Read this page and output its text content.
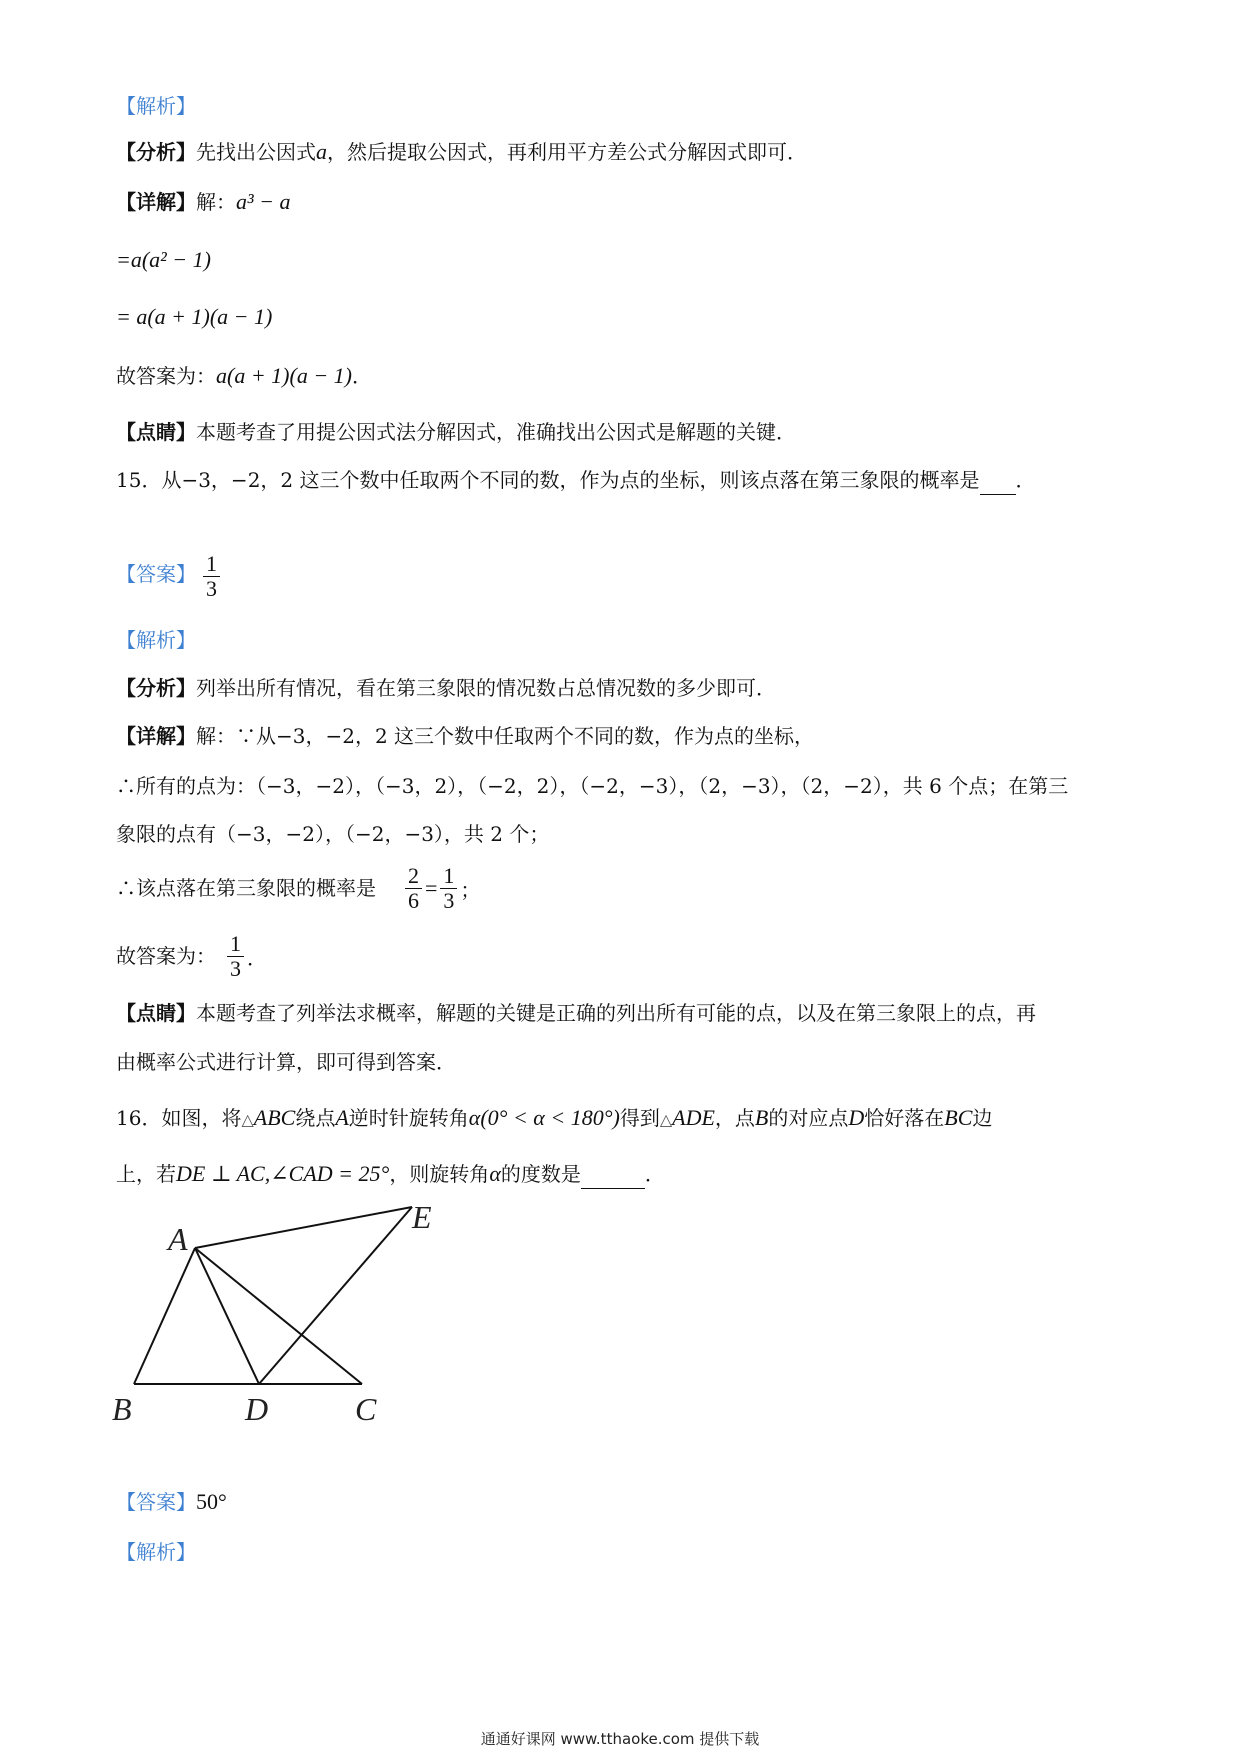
【解析】
【分析】先找出公因式a，然后提取公因式，再利用平方差公式分解因式即可．
【详解】解：a³ − a
=a(a² − 1)
= a(a + 1)(a − 1)
故答案为：a(a + 1)(a − 1)．
【点睛】本题考查了用提公因式法分解因式，准确找出公因式是解题的关键．
15．从−3，−2，2 这三个数中任取两个不同的数，作为点的坐标，则该点落在第三象限的概率是 ．
【答案】 $\frac{1}{3}$
【解析】
【分析】列举出所有情况，看在第三象限的情况数占总情况数的多少即可．
【详解】解：∵从−3，−2，2 这三个数中任取两个不同的数，作为点的坐标，
∴所有的点为：（−3，−2），（−3，2），（−2，2），（−2，−3），（2，−3），（2，−2），共 6 个点；在第三
象限的点有（−3，−2），（−2，−3），共 2 个；
∴该点落在第三象限的概率是 $\frac{2}{6} = \frac{1}{3}$ ；
故答案为： $\frac{1}{3}$ ．
【点睛】本题考查了列举法求概率，解题的关键是正确的列出所有可能的点，以及在第三象限上的点，再
由概率公式进行计算，即可得到答案．
16．如图，将△ABC绕点A逆时针旋转角α(0° < α < 180°)得到△ADE，点B的对应点D恰好落在BC边
上，若DE ⊥ AC,∠CAD = 25°，则旋转角α的度数是	．
A
E
B	D	C
【答案】50°
【解析】
通通好课网 www.tthaoke.com 提供下载
